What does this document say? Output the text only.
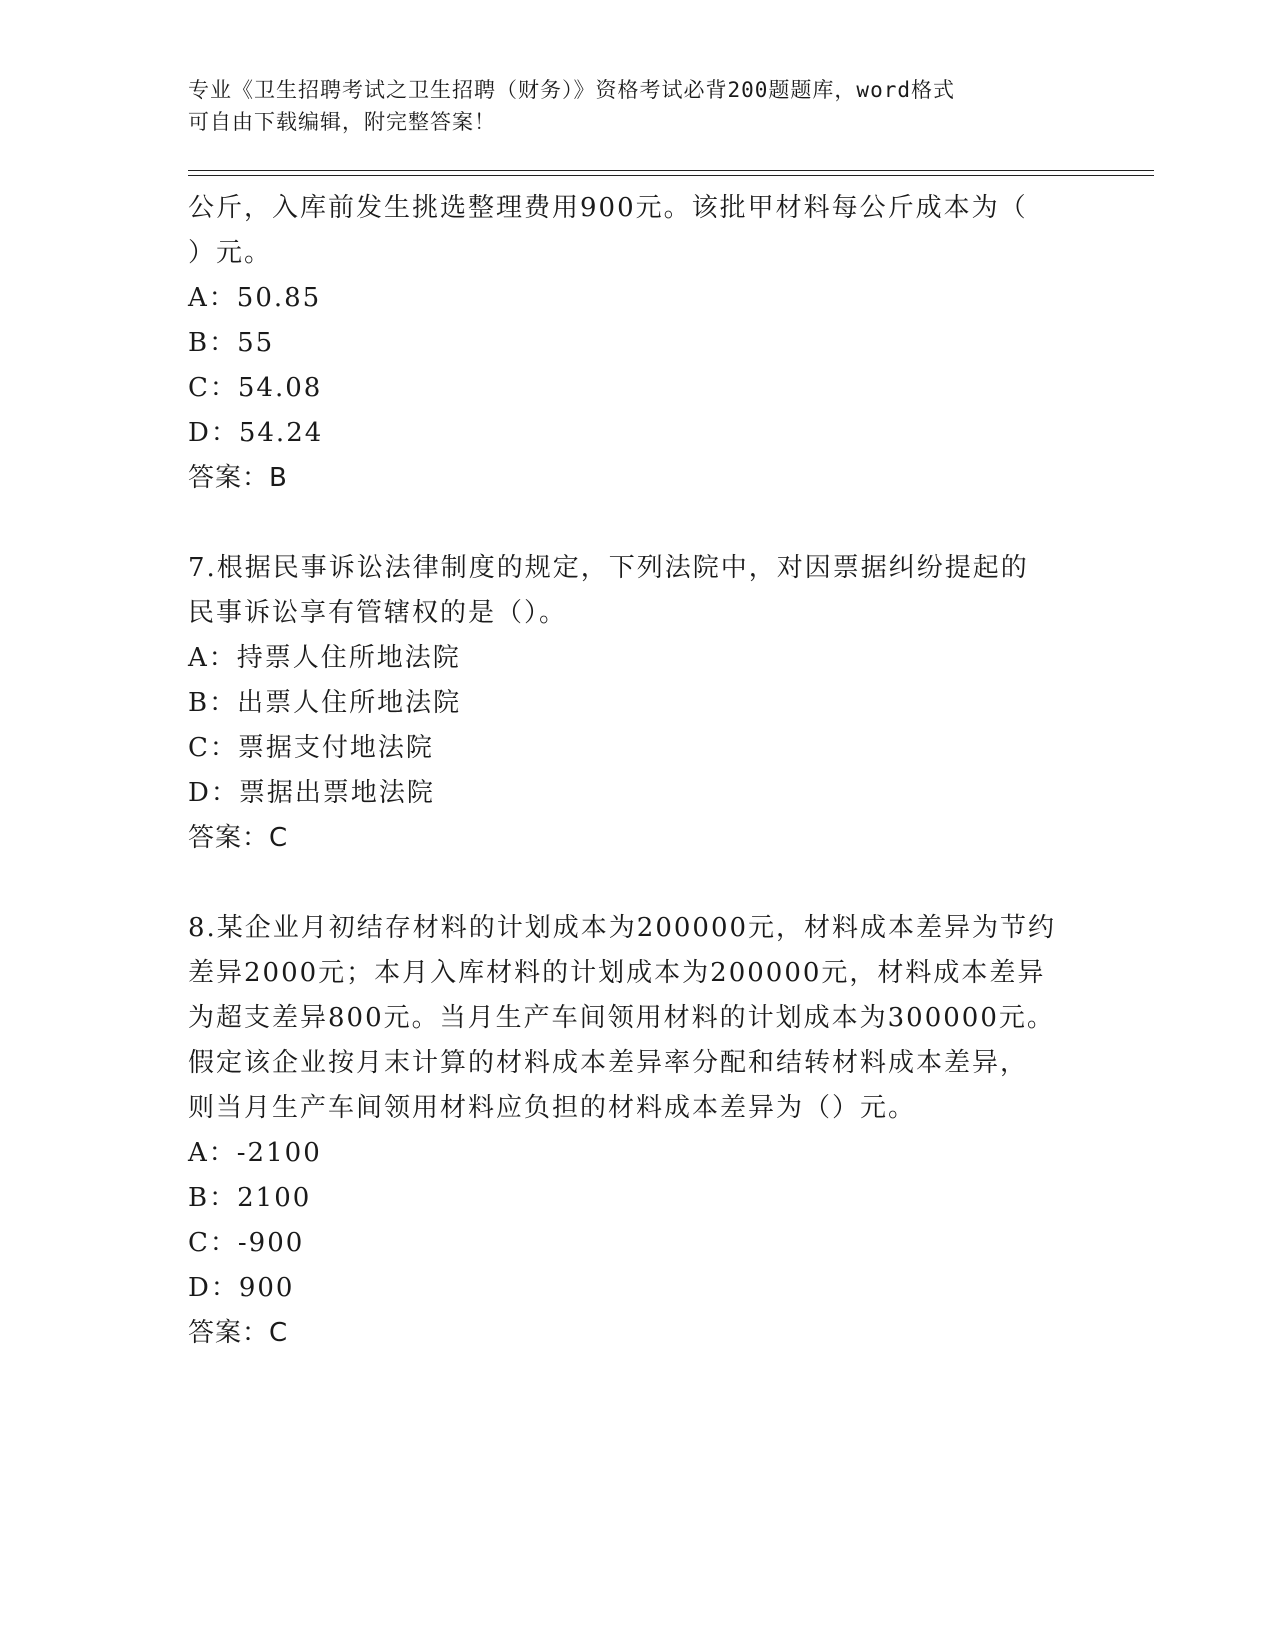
专业《卫生招聘考试之卫生招聘（财务）》资格考试必背200题题库，word格式
可自由下载编辑，附完整答案！
公斤，入库前发生挑选整理费用900元。该批甲材料每公斤成本为（
）元。
A：50.85
B：55
C：54.08
D：54.24
答案：B
7.根据民事诉讼法律制度的规定，下列法院中，对因票据纠纷提起的
民事诉讼享有管辖权的是（）。
A：持票人住所地法院
B：出票人住所地法院
C：票据支付地法院
D：票据出票地法院
答案：C
8.某企业月初结存材料的计划成本为200000元，材料成本差异为节约
差异2000元；本月入库材料的计划成本为200000元，材料成本差异
为超支差异800元。当月生产车间领用材料的计划成本为300000元。
假定该企业按月末计算的材料成本差异率分配和结转材料成本差异，
则当月生产车间领用材料应负担的材料成本差异为（）元。
A：-2100
B：2100
C：-900
D：900
答案：C
